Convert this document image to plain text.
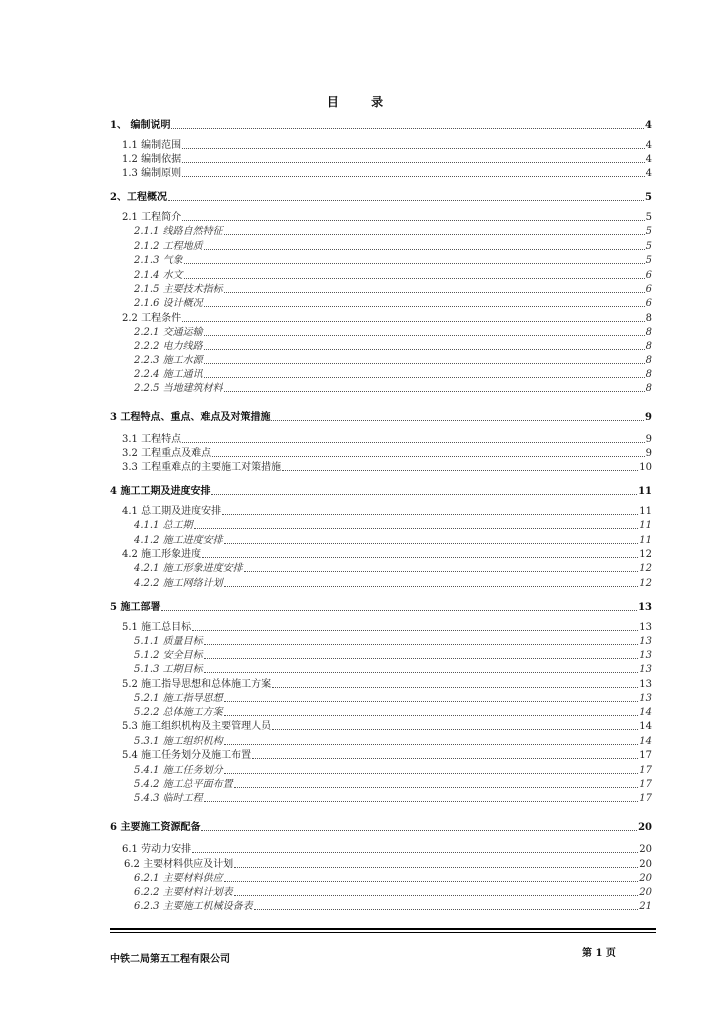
目 录
1、 编制说明	4
1.1 编制范围	4
1.2 编制依据	4
1.3 编制原则	4
2、工程概况	5
2.1 工程简介	5
2.1.1 线路自然特征	5
2.1.2 工程地质	5
2.1.3 气象	5
2.1.4 水文	6
2.1.5 主要技术指标	6
2.1.6 设计概况	6
2.2 工程条件	8
2.2.1 交通运输	8
2.2.2 电力线路	8
2.2.3 施工水源	8
2.2.4 施工通讯	8
2.2.5 当地建筑材料	8
3 工程特点、重点、难点及对策措施	9
3.1 工程特点	9
3.2 工程重点及难点	9
3.3 工程重难点的主要施工对策措施	10
4 施工工期及进度安排	11
4.1 总工期及进度安排	11
4.1.1 总工期	11
4.1.2 施工进度安排	11
4.2 施工形象进度	12
4.2.1 施工形象进度安排	12
4.2.2 施工网络计划	12
5 施工部署	13
5.1 施工总目标	13
5.1.1 质量目标	13
5.1.2 安全目标	13
5.1.3 工期目标	13
5.2 施工指导思想和总体施工方案	13
5.2.1 施工指导思想	13
5.2.2 总体施工方案	14
5.3 施工组织机构及主要管理人员	14
5.3.1 施工组织机构	14
5.4 施工任务划分及施工布置	17
5.4.1 施工任务划分	17
5.4.2 施工总平面布置	17
5.4.3 临时工程	17
6 主要施工资源配备	20
6.1 劳动力安排	20
6.2 主要材料供应及计划	20
6.2.1 主要材料供应	20
6.2.2 主要材料计划表	20
6.2.3 主要施工机械设备表	21
中铁二局第五工程有限公司
第 1 页
